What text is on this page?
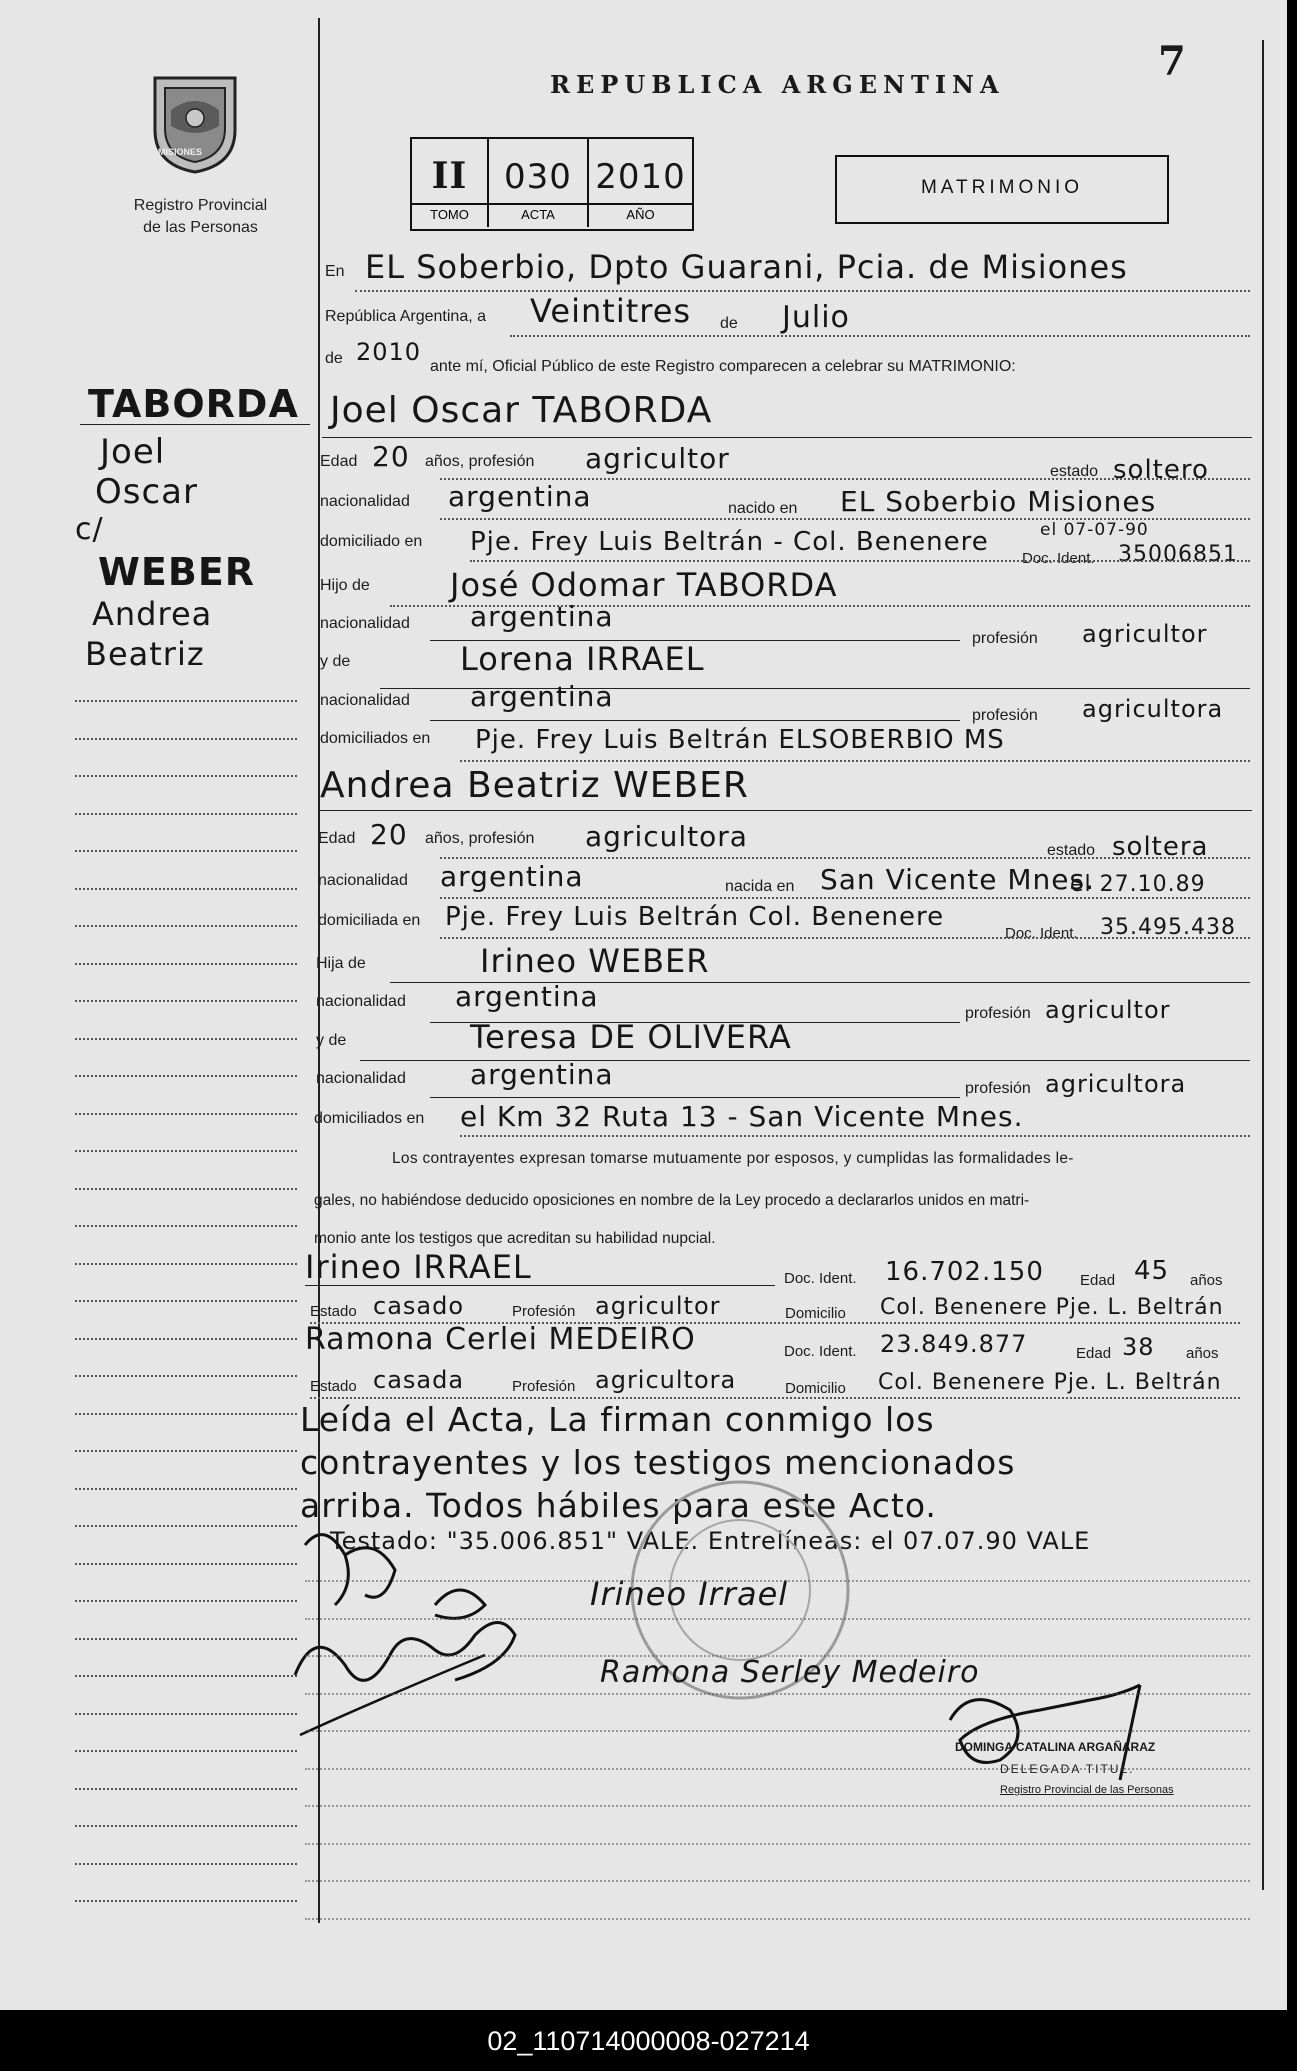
MISIONES
Registro Provincial
de las Personas
REPUBLICA ARGENTINA	7
II	030 2010
TOMO	ACTA	AÑO
MATRIMONIO
TABORDA
Joel
Oscar
c/
WEBER
Andrea
Beatriz
En EL Soberbio, Dpto Guarani, Pcia. de Misiones
República Argentina, a Veintitres de Julio
de 2010
ante mí, Oficial Público de este Registro comparecen a celebrar su MATRIMONIO:
Joel Oscar TABORDA
Edad 20 años, profesión agricultor	estado soltero
nacionalidad argentina	nacido en EL Soberbio Misiones
el 07-07-90
domiciliado en Pje. Frey Luis Beltrán - Col. Benenere
Doc. Ident. 35006851
Hijo de	José Odomar TABORDA
nacionalidad argentina
profesión agricultor
y de	Lorena IRRAEL
nacionalidad argentina
profesión agricultora
domiciliados en Pje. Frey Luis Beltrán ELSOBERBIO MS
Andrea Beatriz WEBER
Edad 20 años, profesión agricultora	estado soltera
nacionalidad argentina	nacida en San Vicente Mnes.
el 27.10.89
domiciliada en Pje. Frey Luis Beltrán Col. Benenere
Doc. Ident. 35.495.438
Hija de	Irineo WEBER
nacionalidad argentina
profesión agricultor
y de	Teresa DE OLIVERA
nacionalidad argentina	profesión agricultora
domiciliados en el Km 32 Ruta 13 - San Vicente Mnes.
Los contrayentes expresan tomarse mutuamente por esposos, y cumplidas las formalidades le-
gales, no habiéndose deducido oposiciones en nombre de la Ley procedo a declararlos unidos en matri-
monio ante los testigos que acreditan su habilidad nupcial.
Irineo IRRAEL	Doc. Ident. 16.702.150 Edad 45 años
Estado casado	Profesión agricultor	Domicilio Col. Benenere Pje. L. Beltrán
Ramona Cerlei MEDEIRO	Doc. Ident. 23.849.877	Edad 38 años
Estado casada	Profesión agricultora	Domicilio Col. Benenere Pje. L. Beltrán
Leída el Acta, La firman conmigo los
contrayentes y los testigos mencionados
arriba. Todos hábiles para este Acto.
Testado: "35.006.851" VALE. Entrelíneas: el 07.07.90 VALE
Irineo Irrael
Ramona Serley Medeiro
DOMINGA CATALINA ARGAÑARAZ
DELEGADA TITUL.
Registro Provincial de las Personas
02_110714000008-027214
